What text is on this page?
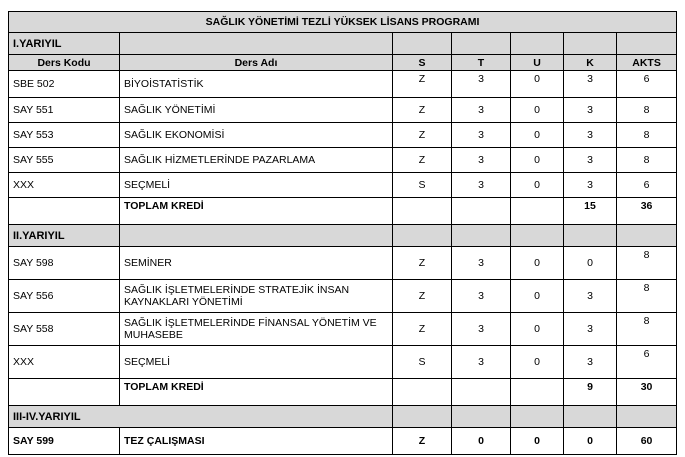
SAĞLIK YÖNETİMİ TEZLİ YÜKSEK LİSANS PROGRAMI						
I.YARIYIL						
Ders Kodu	Ders Adı	S	T	U	K	AKTS
SBE 502	BİYOİSTATİSTİK	Z	3	0	3	6
SAY 551	SAĞLIK YÖNETİMİ	Z	3	0	3	8
SAY 553	SAĞLIK EKONOMİSİ	Z	3	0	3	8
SAY 555	SAĞLIK HİZMETLERİNDE PAZARLAMA	Z	3	0	3	8
XXX	SEÇMELİ	S	3	0	3	6
	TOPLAM KREDİ				15	36
II.YARIYIL						
SAY 598	SEMİNER	Z	3	0	0	8
SAY 556	SAĞLIK İŞLETMELERİNDE STRATEJİK İNSAN KAYNAKLARI YÖNETİMİ	Z	3	0	3	8
SAY 558	SAĞLIK İŞLETMELERİNDE FİNANSAL YÖNETİM VE MUHASEBE	Z	3	0	3	8
XXX	SEÇMELİ	S	3	0	3	6
	TOPLAM KREDİ				9	30
III-IV.YARIYIL						
SAY 599	TEZ ÇALIŞMASI	Z	0	0	0	60
